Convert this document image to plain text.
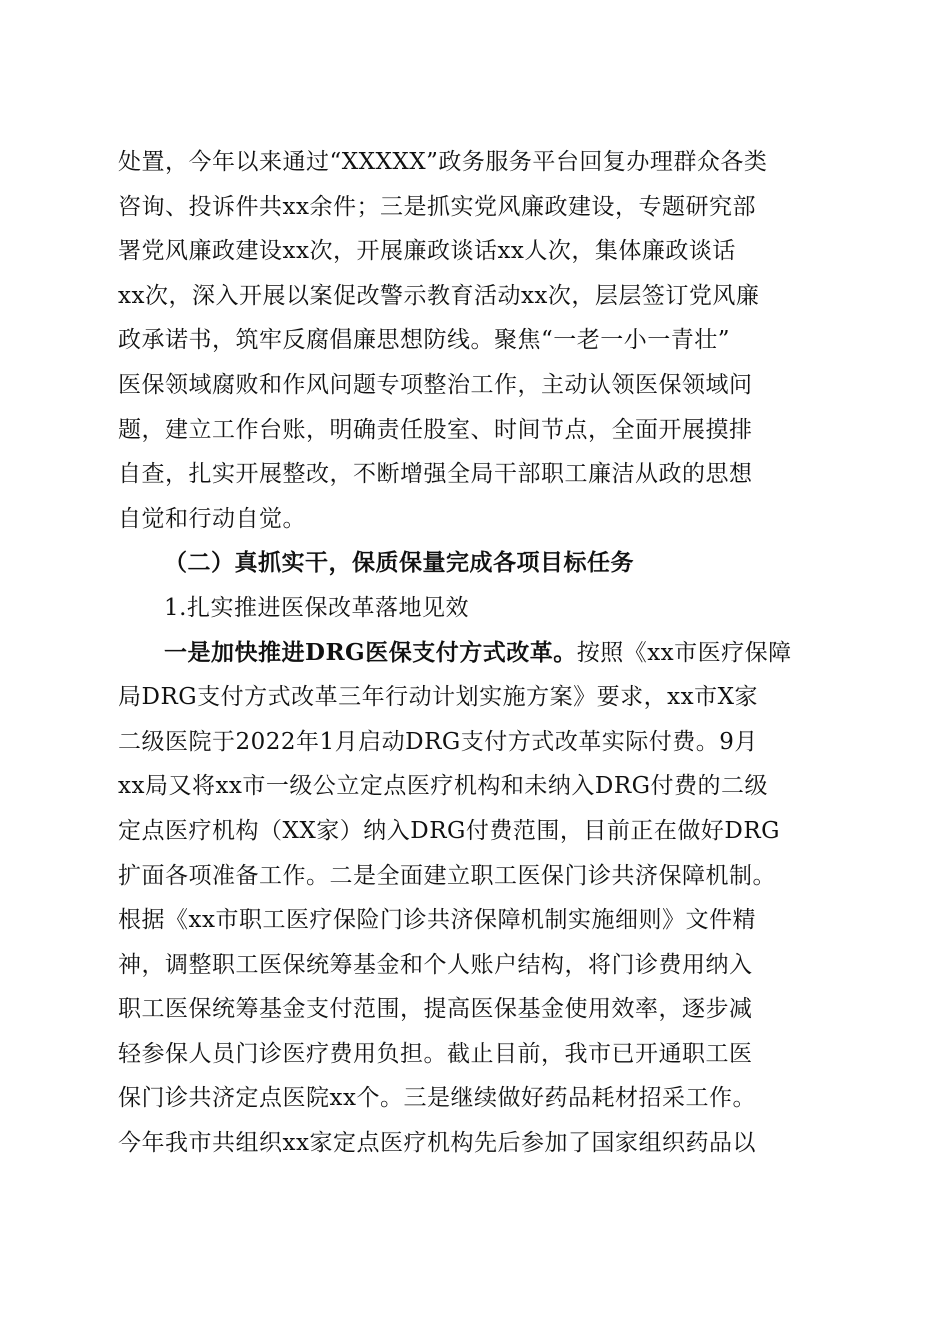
处置，今年以来通过“XXXXX”政务服务平台回复办理群众各类
咨询、投诉件共xx余件；三是抓实党风廉政建设，专题研究部
署党风廉政建设xx次，开展廉政谈话xx人次，集体廉政谈话
xx次，深入开展以案促改警示教育活动xx次，层层签订党风廉
政承诺书，筑牢反腐倡廉思想防线。聚焦“一老一小一青壮”
医保领域腐败和作风问题专项整治工作，主动认领医保领域问
题，建立工作台账，明确责任股室、时间节点，全面开展摸排
自查，扎实开展整改，不断增强全局干部职工廉洁从政的思想
自觉和行动自觉。
（二）真抓实干，保质保量完成各项目标任务
1.扎实推进医保改革落地见效
一是加快推进DRG医保支付方式改革。按照《xx市医疗保障
局DRG支付方式改革三年行动计划实施方案》要求，xx市X家
二级医院于2022年1月启动DRG支付方式改革实际付费。9月
xx局又将xx市一级公立定点医疗机构和未纳入DRG付费的二级
定点医疗机构（XX家）纳入DRG付费范围，目前正在做好DRG
扩面各项准备工作。二是全面建立职工医保门诊共济保障机制。
根据《xx市职工医疗保险门诊共济保障机制实施细则》文件精
神，调整职工医保统筹基金和个人账户结构，将门诊费用纳入
职工医保统筹基金支付范围，提高医保基金使用效率，逐步减
轻参保人员门诊医疗费用负担。截止目前，我市已开通职工医
保门诊共济定点医院xx个。三是继续做好药品耗材招采工作。
今年我市共组织xx家定点医疗机构先后参加了国家组织药品以
